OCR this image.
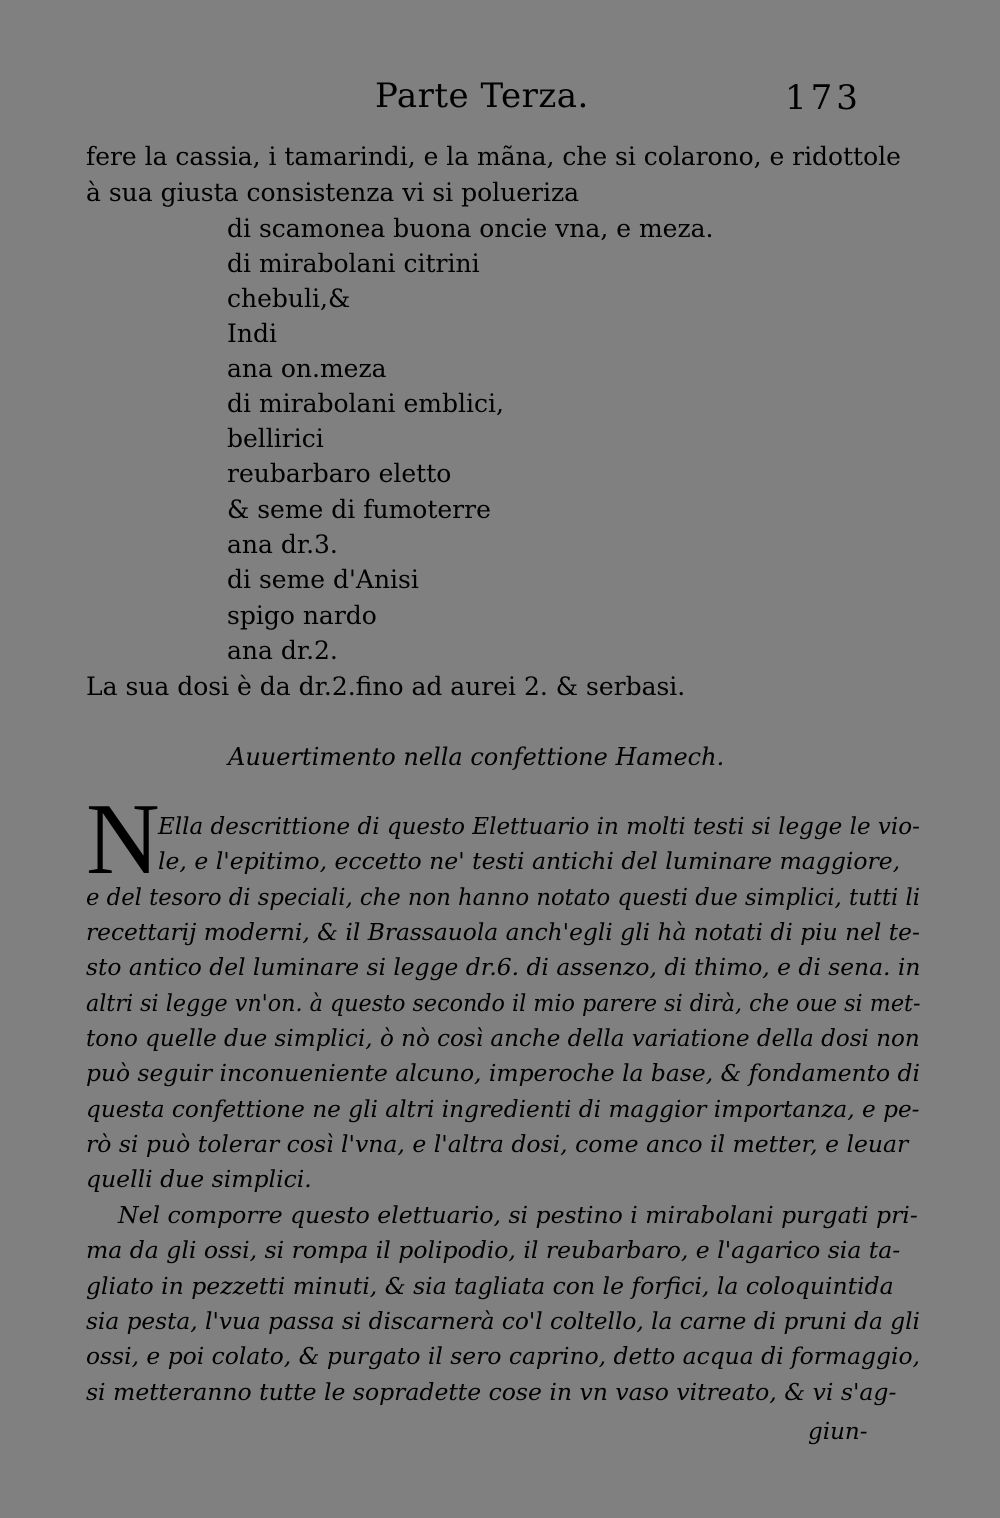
Parte Terza.	173
fere la cassia, i tamarindi, e la mãna, che si colarono, e ridottole
à sua giusta consistenza vi si polueriza
di scamonea buona oncie vna, e meza.
di mirabolani citrini
chebuli,&
Indi
ana on.meza
di mirabolani emblici,
bellirici
reubarbaro eletto
& seme di fumoterre
ana dr.3.
di seme d'Anisi
spigo nardo
ana dr.2.
La sua dosi è da dr.2.fino ad aurei 2. & serbasi.
Auuertimento nella confettione Hamech.
N
Ella descrittione di questo Elettuario in molti testi si legge le vio-
le, e l'epitimo, eccetto ne' testi antichi del luminare maggiore,
e del tesoro di speciali, che non hanno notato questi due simplici, tutti li
recettarij moderni, & il Brassauola anch'egli gli hà notati di piu nel te-
sto antico del luminare si legge dr.6. di assenzo, di thimo, e di sena. in
altri si legge vn'on. à questo secondo il mio parere si dirà, che oue si met-
tono quelle due simplici, ò nò così anche della variatione della dosi non
può seguir inconueniente alcuno, imperoche la base, & fondamento di
questa confettione ne gli altri ingredienti di maggior importanza, e pe-
rò si può tolerar così l'vna, e l'altra dosi, come anco il metter, e leuar
quelli due simplici.
Nel comporre questo elettuario, si pestino i mirabolani purgati pri-
ma da gli ossi, si rompa il polipodio, il reubarbaro, e l'agarico sia ta-
gliato in pezzetti minuti, & sia tagliata con le forfici, la coloquintida
sia pesta, l'vua passa si discarnerà co'l coltello, la carne di pruni da gli
ossi, e poi colato, & purgato il sero caprino, detto acqua di formaggio,
si metteranno tutte le sopradette cose in vn vaso vitreato, & vi s'ag-
giun-
